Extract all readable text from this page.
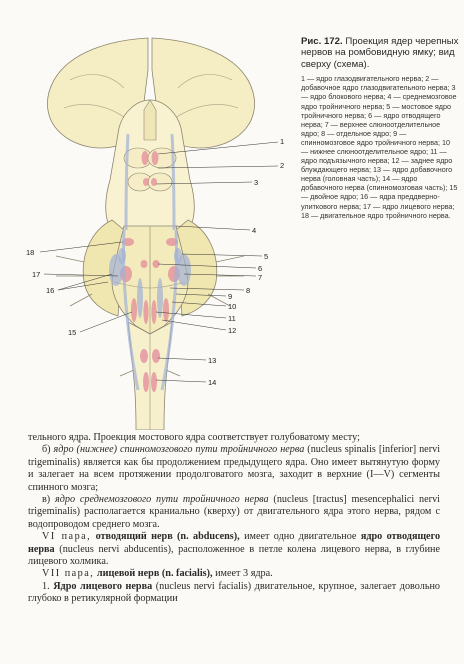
1
2
3
4
5
6
7
8
9
10
11
12
13
14
15
16
17
18

Рис. 172. Проекция ядер черепных нервов на ромбовидную ямку; вид сверху (схема).

1 — ядро глазодвигательного нерва; 2 — добавочное ядро глазодвигательного нерва; 3 — ядро блокового нерва; 4 — среднемозговое ядро тройничного нерва; 5 — мостовое ядро тройничного нерва; 6 — ядро отводящего нерва; 7 — верхнее слюноотделительное ядро; 8 — отдельное ядро; 9 — спинномозговое ядро тройничного нерва; 10 — нижнее слюноотделительное ядро; 11 — ядро подъязычного нерва; 12 — заднее ядро блуждающего нерва; 13 — ядро добавочного нерва (головная часть); 14 — ядро добавочного нерва (спинномозговая часть); 15 — двойное ядро; 16 — ядра преддверно-улиткового нерва; 17 — ядро лицевого нерва; 18 — двигательное ядро тройничного нерва.

тельного ядра. Проекция мостового ядра соответствует голубоватому месту;

б) ядро (нижнее) спинномозгового пути тройничного нерва (nucleus spinalis [inferior] nervi trigeminalis) является как бы продолжением предыдущего ядра. Оно имеет вытянутую форму и залегает на всем протяжении продолговатого мозга, заходит в верхние (I—V) сегменты спинного мозга;

в) ядро среднемозгового пути тройничного нерва (nucleus [tractus] mesencephalici nervi trigeminalis) располагается краниально (кверху) от двигательного ядра этого нерва, рядом с водопроводом среднего мозга.

VI пара, отводящий нерв (n. abducens), имеет одно двигательное ядро отводящего нерва (nucleus nervi abducentis), расположенное в петле колена лицевого нерва, в глубине лицевого холмика.

VII пара, лицевой нерв (n. facialis), имеет 3 ядра.

1. Ядро лицевого нерва (nucleus nervi facialis) двигательное, крупное, залегает довольно глубоко в ретикулярной формации
